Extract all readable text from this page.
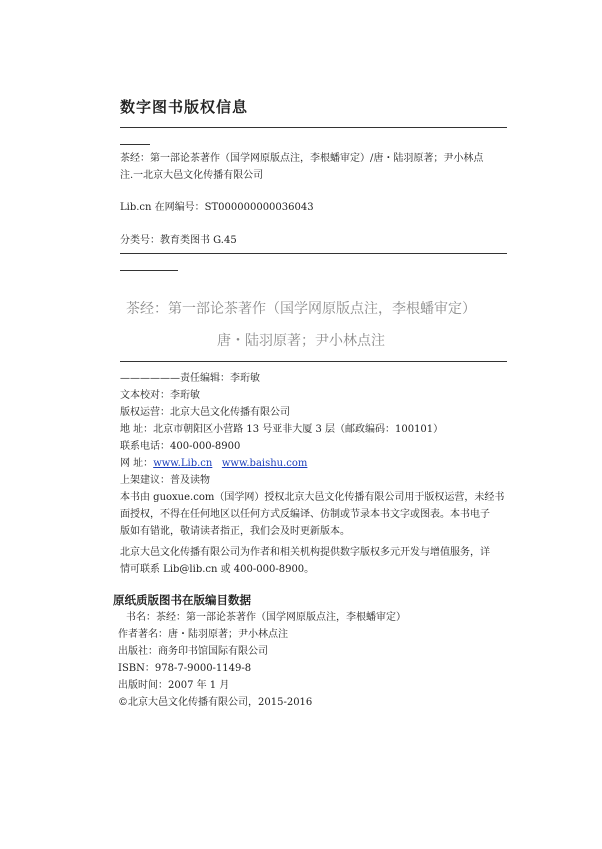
数字图书版权信息
茶经：第一部论茶著作（国学网原版点注，李根蟠审定）/唐・陆羽原著；尹小林点
注.一北京大邑文化传播有限公司
Lib.cn 在网编号：ST000000000036043
分类号：教育类图书 G.45
茶经：第一部论茶著作（国学网原版点注，李根蟠审定）
唐・陆羽原著；尹小林点注
——————责任编辑：李珩敏
文本校对：李珩敏
版权运营：北京大邑文化传播有限公司
地 址：北京市朝阳区小营路 13 号亚非大厦 3 层（邮政编码：100101）
联系电话：400-000-8900
网 址：www.Lib.cn www.baishu.com
上架建议：普及读物
本书由 guoxue.com（国学网）授权北京大邑文化传播有限公司用于版权运营，未经书
面授权，不得在任何地区以任何方式反编译、仿制或节录本书文字或图表。本书电子
版如有错讹，敬请读者指正，我们会及时更新版本。
北京大邑文化传播有限公司为作者和相关机构提供数字版权多元开发与增值服务，详
情可联系 Lib@lib.cn 或 400-000-8900。
原纸质版图书在版编目数据
书名：茶经：第一部论茶著作（国学网原版点注，李根蟠审定）
作者著名：唐・陆羽原著；尹小林点注
出版社：商务印书馆国际有限公司
ISBN：978-7-9000-1149-8
出版时间：2007 年 1 月
©北京大邑文化传播有限公司，2015-2016
